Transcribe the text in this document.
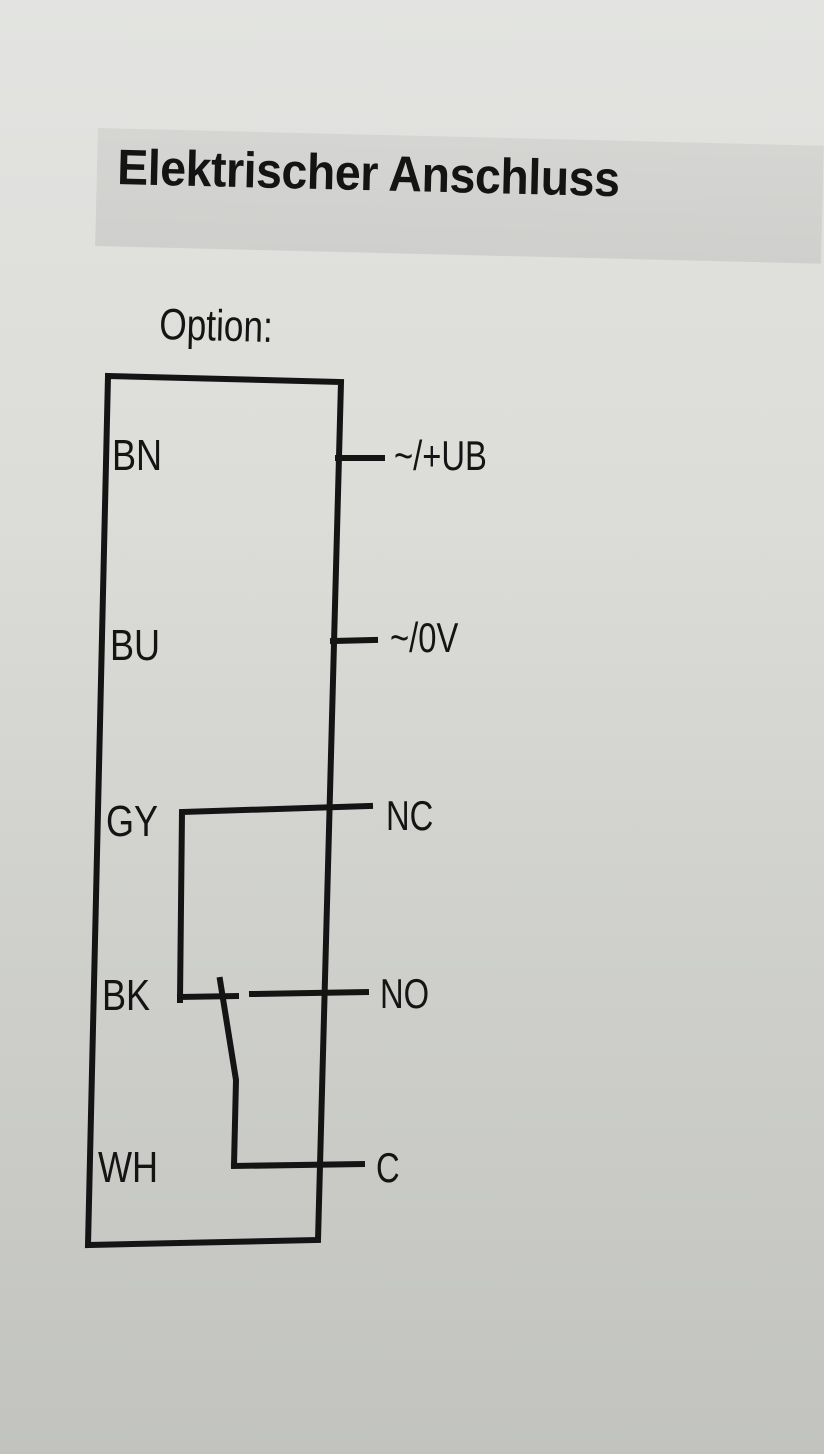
Elektrischer Anschluss
Option:
BN
BU
GY
BK
WH
~/+UB
~/0V
NC
NO
C
